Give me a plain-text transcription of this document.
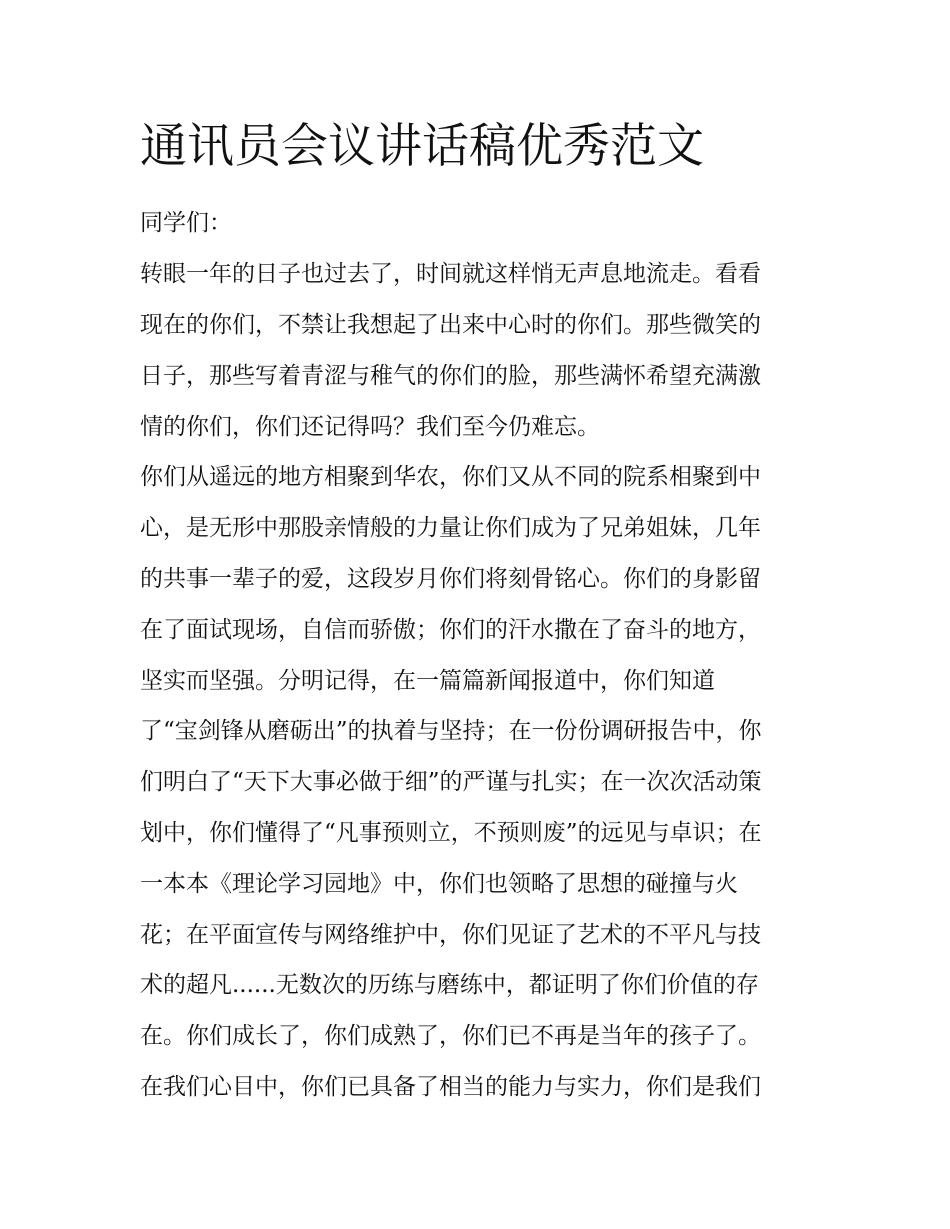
通讯员会议讲话稿优秀范文

同学们：

转眼一年的日子也过去了，时间就这样悄无声息地流走。看看

现在的你们，不禁让我想起了出来中心时的你们。那些微笑的

日子，那些写着青涩与稚气的你们的脸，那些满怀希望充满激

情的你们，你们还记得吗？我们至今仍难忘。

你们从遥远的地方相聚到华农，你们又从不同的院系相聚到中

心，是无形中那股亲情般的力量让你们成为了兄弟姐妹，几年

的共事一辈子的爱，这段岁月你们将刻骨铭心。你们的身影留

在了面试现场，自信而骄傲；你们的汗水撒在了奋斗的地方，

坚实而坚强。分明记得，在一篇篇新闻报道中，你们知道

了“宝剑锋从磨砺出”的执着与坚持；在一份份调研报告中，你

们明白了“天下大事必做于细”的严谨与扎实；在一次次活动策

划中，你们懂得了“凡事预则立，不预则废”的远见与卓识；在

一本本《理论学习园地》中，你们也领略了思想的碰撞与火

花；在平面宣传与网络维护中，你们见证了艺术的不平凡与技

术的超凡......无数次的历练与磨练中，都证明了你们价值的存

在。你们成长了，你们成熟了，你们已不再是当年的孩子了。

在我们心目中，你们已具备了相当的能力与实力，你们是我们
